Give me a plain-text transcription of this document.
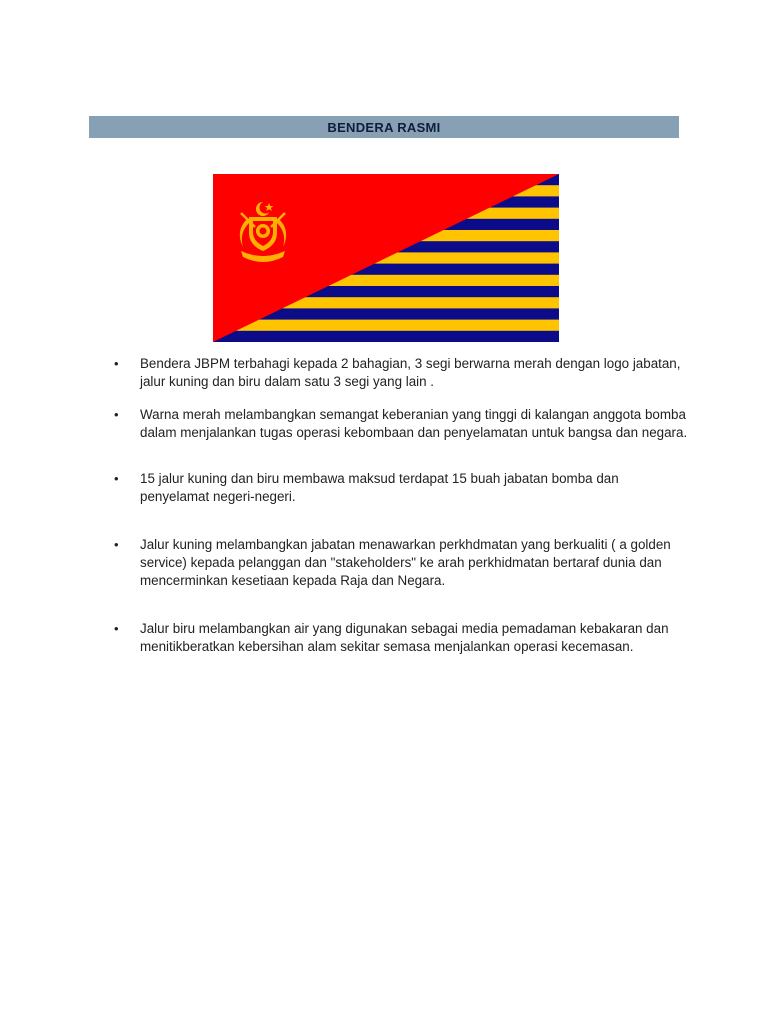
BENDERA RASMI
• Bendera JBPM terbahagi kepada 2 bahagian, 3 segi berwarna merah dengan logo jabatan, jalur kuning dan biru dalam satu 3 segi yang lain .
• Warna merah melambangkan semangat keberanian yang tinggi di kalangan anggota bomba dalam menjalankan tugas operasi kebombaan dan penyelamatan untuk bangsa dan negara.
• 15 jalur kuning dan biru membawa maksud terdapat 15 buah jabatan bomba dan penyelamat negeri-negeri.
• Jalur kuning melambangkan jabatan menawarkan perkhdmatan yang berkualiti ( a golden service) kepada pelanggan dan "stakeholders" ke arah perkhidmatan bertaraf dunia dan mencerminkan kesetiaan kepada Raja dan Negara.
• Jalur biru melambangkan air yang digunakan sebagai media pemadaman kebakaran dan menitikberatkan kebersihan alam sekitar semasa menjalankan operasi kecemasan.
